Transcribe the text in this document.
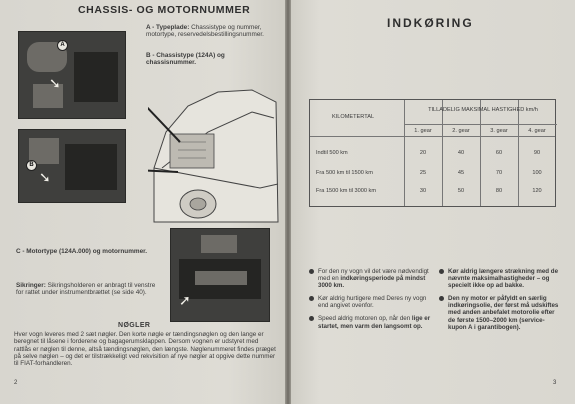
CHASSIS- OG MOTORNUMMER
A
➘
A - Typeplade: Chassistype og nummer, motortype, reservedelsbestillingsnummer.
B - Chassistype (124A) og chassisnummer.
B
➘
➚
C - Motortype (124A.000) og motornummer.
Sikringer: Sikringsholderen er anbragt til venstre for rattet under instrumentbrættet (se side 40).
NØGLER
Hver vogn leveres med 2 sæt nøgler. Den korte nøgle er tændingsnøglen og den lange er beregnet til låsene i forderene og bagagerumsklappen. Dersom vognen er udstyret med rattlås er nøglen til denne, altså tændingsnøglen, den længste. Nøglenummeret findes præget på selve nøglen – og det er tilstrækkeligt ved rekvisition af nye nøgler at opgive dette nummer til FIAT-forhandleren.
2
INDKØRING
KILOMETERTAL
TILLADELIG MAKSIMAL HASTIGHED km/h
1. gear	2. gear	3. gear	4. gear
Indtil 500 km	20	40	60	90
Fra 500 km til 1500 km	25	45	70	100
Fra 1500 km til 3000 km	30	50	80	120
For den ny vogn vil det være nødvendigt med en indkøringsperiode på mindst 3000 km.
Kør aldrig hurtigere med Deres ny vogn end angivet ovenfor.
Speed aldrig motoren op, når den lige er startet, men varm den langsomt op.
Kør aldrig længere strækning med de nævnte maksimalhastigheder – og specielt ikke op ad bakke.
Den ny motor er påfyldt en særlig indkøringsolie, der først må udskiftes med anden anbefalet motorolie efter de første 1500–2000 km (service-kupon A i garantibogen).
3
